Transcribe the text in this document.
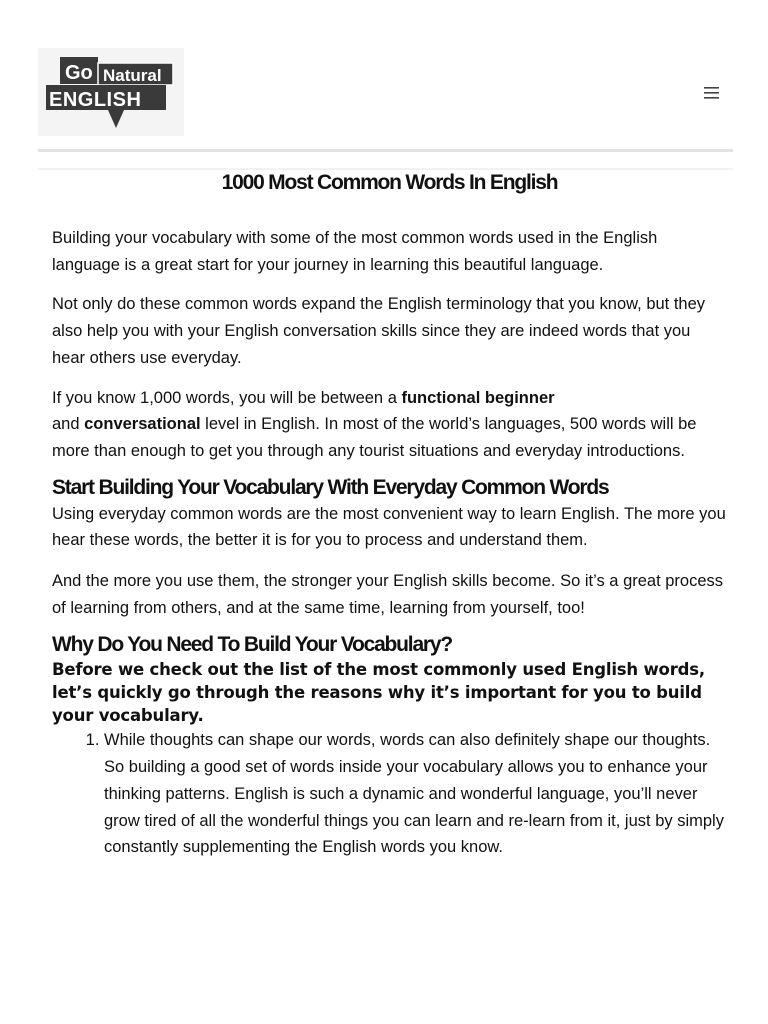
Go Natural
ENGLISH
1000 Most Common Words In English

Building your vocabulary with some of the most common words used in the English language is a great start for your journey in learning this beautiful language.

Not only do these common words expand the English terminology that you know, but they also help you with your English conversation skills since they are indeed words that you hear others use everyday.

If you know 1,000 words, you will be between a functional beginner
and conversational level in English. In most of the world’s languages, 500 words will be more than enough to get you through any tourist situations and everyday introductions.

Start Building Your Vocabulary With Everyday Common Words

Using everyday common words are the most convenient way to learn English. The more you hear these words, the better it is for you to process and understand them.

And the more you use them, the stronger your English skills become. So it’s a great process of learning from others, and at the same time, learning from yourself, too!

Why Do You Need To Build Your Vocabulary?
Before we check out the list of the most commonly used English words, let’s quickly go through the reasons why it’s important for you to build your vocabulary.
1. While thoughts can shape our words, words can also definitely shape our thoughts. So building a good set of words inside your vocabulary allows you to enhance your thinking patterns. English is such a dynamic and wonderful language, you’ll never grow tired of all the wonderful things you can learn and re-learn from it, just by simply constantly supplementing the English words you know.
